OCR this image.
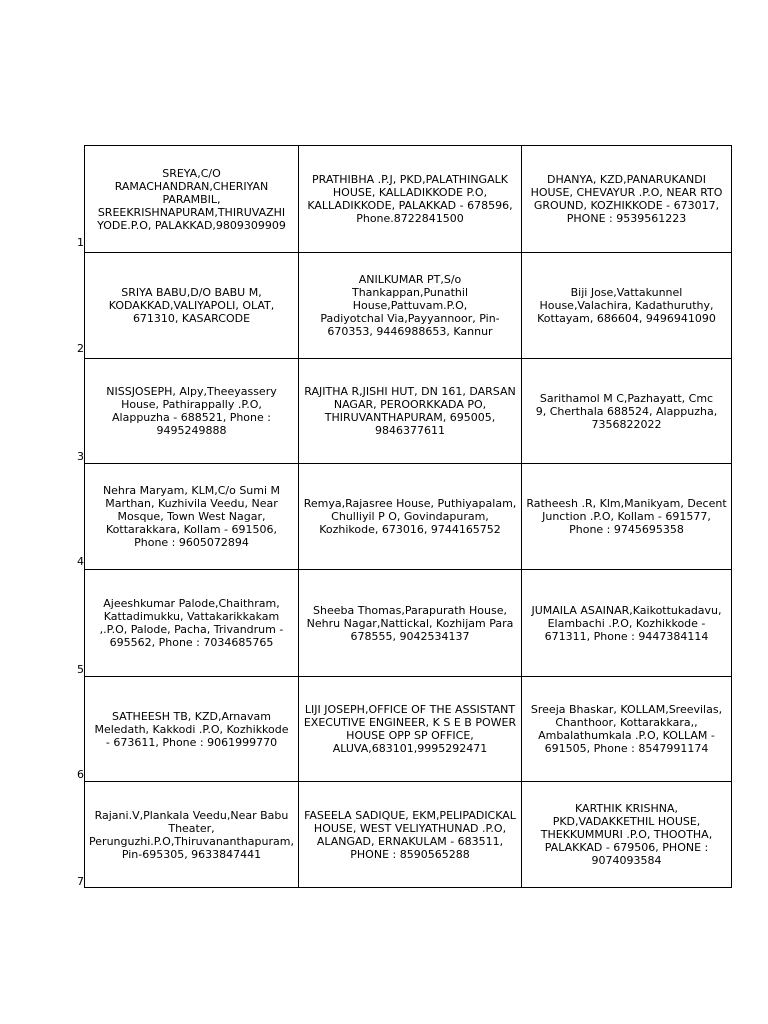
1
2
3
4
5
6
7
SREYA,C/O RAMACHANDRAN,CHERIYAN PARAMBIL, SREEKRISHNAPURAM,THIRUVAZHIYODE.P.O, PALAKKAD,9809309909	PRATHIBHA .P.J, PKD,PALATHINGALK HOUSE, KALLADIKKODE P.O, KALLADIKKODE, PALAKKAD - 678596, Phone.8722841500	DHANYA, KZD,PANARUKANDI HOUSE, CHEVAYUR .P.O, NEAR RTO GROUND, KOZHIKKODE - 673017, PHONE : 9539561223

SRIYA BABU,D/O BABU M, KODAKKAD,VALIYAPOLI, OLAT, 671310, KASARCODE	ANILKUMAR PT,S/o Thankappan,Punathil House,Pattuvam.P.O, Padiyotchal Via,Payyannoor, Pin-670353, 9446988653, Kannur	Biji Jose,Vattakunnel House,Valachira, Kadathuruthy, Kottayam, 686604, 9496941090

NISSJOSEPH, Alpy,Theeyassery House, Pathirappally .P.O, Alappuzha - 688521, Phone : 9495249888	RAJITHA R,JISHI HUT, DN 161, DARSAN NAGAR, PEROORKKADA PO, THIRUVANTHAPURAM, 695005, 9846377611	Sarithamol M C,Pazhayatt, Cmc 9, Cherthala 688524, Alappuzha, 7356822022

Nehra Maryam, KLM,C/o Sumi M Marthan, Kuzhivila Veedu, Near Mosque, Town West Nagar, Kottarakkara, Kollam - 691506, Phone : 9605072894	Remya,Rajasree House, Puthiyapalam, Chulliyil P O, Govindapuram, Kozhikode, 673016, 9744165752	Ratheesh .R, Klm,Manikyam, Decent Junction .P.O, Kollam - 691577, Phone : 9745695358

Ajeeshkumar Palode,Chaithram, Kattadimukku, Vattakarikkakam ,.P.O, Palode, Pacha, Trivandrum - 695562, Phone : 7034685765	Sheeba Thomas,Parapurath House, Nehru Nagar,Nattickal, Kozhijam Para 678555, 9042534137	JUMAILA ASAINAR,Kaikottukadavu, Elambachi .P.O, Kozhikkode - 671311, Phone : 9447384114

SATHEESH TB, KZD,Arnavam Meledath, Kakkodi .P.O, Kozhikkode - 673611, Phone : 9061999770	LIJI JOSEPH,OFFICE OF THE ASSISTANT EXECUTIVE ENGINEER, K S E B POWER HOUSE OPP SP OFFICE, ALUVA,683101,9995292471	Sreeja Bhaskar, KOLLAM,Sreevilas, Chanthoor, Kottarakkara,, Ambalathumkala .P.O, KOLLAM - 691505, Phone : 8547991174

Rajani.V,Plankala Veedu,Near Babu Theater, Perunguzhi.P.O,Thiruvananthapuram, Pin-695305, 9633847441	FASEELA SADIQUE, EKM,PELIPADICKAL HOUSE, WEST VELIYATHUNAD .P.O, ALANGAD, ERNAKULAM - 683511, PHONE : 8590565288	KARTHIK KRISHNA, PKD,VADAKKETHIL HOUSE, THEKKUMMURI .P.O, THOOTHA, PALAKKAD - 679506, PHONE : 9074093584
